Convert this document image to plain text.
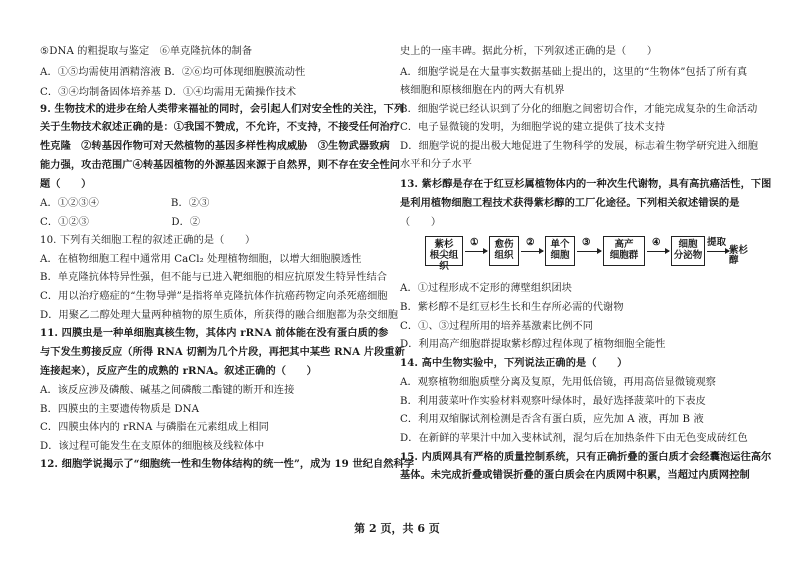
⑤DNA 的粗提取与鉴定　⑥单克隆抗体的制备
A．①⑤均需使用酒精溶液 B．②⑥均可体现细胞膜流动性
C．③④均制备固体培养基 D．①④均需用无菌操作技术
9. 生物技术的进步在给人类带来福祉的同时，会引起人们对安全性的关注，下列
关于生物技术叙述正确的是：①我国不赞成，不允许，不支持，不接受任何治疗
性克隆　②转基因作物可对天然植物的基因多样性构成威胁　③生物武器致病
能力强，攻击范围广④转基因植物的外源基因来源于自然界，则不存在安全性问
题（　　）
A．①②③④　　　　　　　B．②③
C．①②③　　　　　　　　D．②
10. 下列有关细胞工程的叙述正确的是（　　）
A．在植物细胞工程中通常用 CaCl₂ 处理植物细胞，以增大细胞膜透性
B．单克隆抗体特异性强，但不能与已进入靶细胞的相应抗原发生特异性结合
C．用以治疗癌症的“生物导弹”是指将单克隆抗体作抗癌药物定向杀死癌细胞
D．用聚乙二醇处理大量两种植物的原生质体，所获得的融合细胞都为杂交细胞
11. 四膜虫是一种单细胞真核生物，其体内 rRNA 前体能在没有蛋白质的参
与下发生剪接反应（所得 RNA 切割为几个片段，再把其中某些 RNA 片段重新
连接起来），反应产生的成熟的 rRNA。叙述正确的（　　）
A．该反应涉及磷酸、碱基之间磷酸二酯键的断开和连接
B．四膜虫的主要遗传物质是 DNA
C．四膜虫体内的 rRNA 与磷脂在元素组成上相同
D．该过程可能发生在支原体的细胞核及线粒体中
12. 细胞学说揭示了“细胞统一性和生物体结构的统一性”，成为 19 世纪自然科学
史上的一座丰碑。据此分析，下列叙述正确的是（　　）
A．细胞学说是在大量事实数据基础上提出的，这里的“生物体”包括了所有真
核细胞和原核细胞在内的两大有机界
B．细胞学说已经认识到了分化的细胞之间密切合作，才能完成复杂的生命活动
C．电子显微镜的发明，为细胞学说的建立提供了技术支持
D．细胞学说的提出极大地促进了生物科学的发展，标志着生物学研究进入细胞
水平和分子水平
13. 紫杉醇是存在于红豆杉属植物体内的一种次生代谢物，具有高抗癌活性，下图
是利用植物细胞工程技术获得紫杉醇的工厂化途径。下列相关叙述错误的是
（　　）
A．①过程形成不定形的薄壁组织团块
B．紫杉醇不是红豆杉生长和生存所必需的代谢物
C．①、③过程所用的培养基激素比例不同
D．利用高产细胞群提取紫杉醇过程体现了植物细胞全能性
14. 高中生物实验中，下列说法正确的是（　　）
A．观察植物细胞质壁分离及复原，先用低倍镜，再用高倍显微镜观察
B．利用菠菜叶作实验材料观察叶绿体时，最好选择菠菜叶的下表皮
C．利用双缩脲试剂检测是否含有蛋白质，应先加 A 液，再加 B 液
D．在新鲜的苹果汁中加入斐林试剂，混匀后在加热条件下由无色变成砖红色
15. 内质网具有严格的质量控制系统，只有正确折叠的蛋白质才会经囊泡运往高尔
基体。未完成折叠或错误折叠的蛋白质会在内质网中积累，当超过内质网控制
紫杉
根尖组织
①	愈伤
组织
②	单个
细胞
③	高产
细胞群
④	细胞
分泌物
提取
紫杉醇
第 2 页，共 6 页
